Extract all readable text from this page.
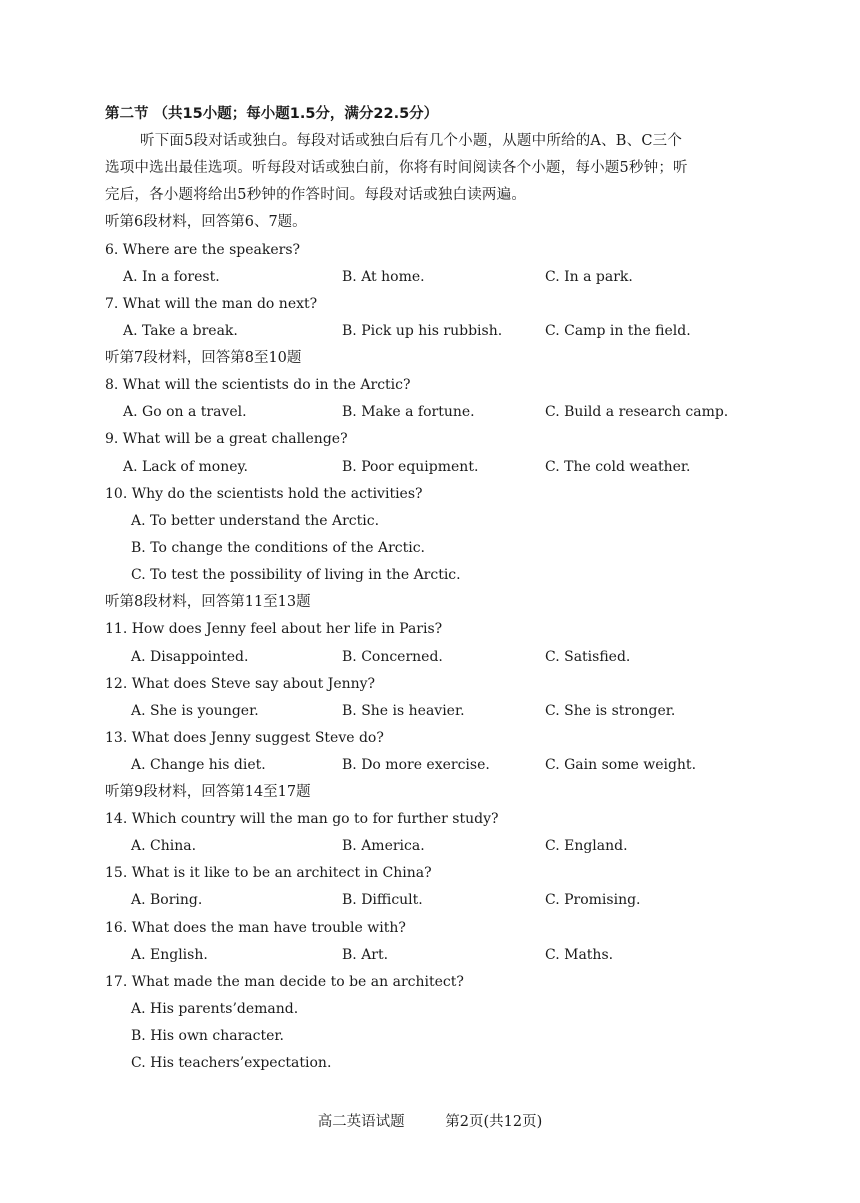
第二节 （共15小题；每小题1.5分，满分22.5分）
听下面5段对话或独白。每段对话或独白后有几个小题，从题中所给的A、B、C三个
选项中选出最佳选项。听每段对话或独白前，你将有时间阅读各个小题，每小题5秒钟；听
完后，各小题将给出5秒钟的作答时间。每段对话或独白读两遍。
听第6段材料，回答第6、7题。
6. Where are the speakers?
A. In a forest.	B. At home.	C. In a park.
7. What will the man do next?
A. Take a break.	B. Pick up his rubbish.	C. Camp in the field.
听第7段材料，回答第8至10题
8. What will the scientists do in the Arctic?
A. Go on a travel.	B. Make a fortune.	C. Build a research camp.
9. What will be a great challenge?
A. Lack of money.	B. Poor equipment.	C. The cold weather.
10. Why do the scientists hold the activities?
A. To better understand the Arctic.
B. To change the conditions of the Arctic.
C. To test the possibility of living in the Arctic.
听第8段材料，回答第11至13题
11. How does Jenny feel about her life in Paris?
A. Disappointed.	B. Concerned.	C. Satisfied.
12. What does Steve say about Jenny?
A. She is younger.	B. She is heavier.	C. She is stronger.
13. What does Jenny suggest Steve do?
A. Change his diet.	B. Do more exercise.	C. Gain some weight.
听第9段材料，回答第14至17题
14. Which country will the man go to for further study?
A. China.	B. America.	C. England.
15. What is it like to be an architect in China?
A. Boring.	B. Difficult.	C. Promising.
16. What does the man have trouble with?
A. English.	B. Art.	C. Maths.
17. What made the man decide to be an architect?
A. His parents’demand.
B. His own character.
C. His teachers’expectation.
高二英语试题	第2页(共12页)
